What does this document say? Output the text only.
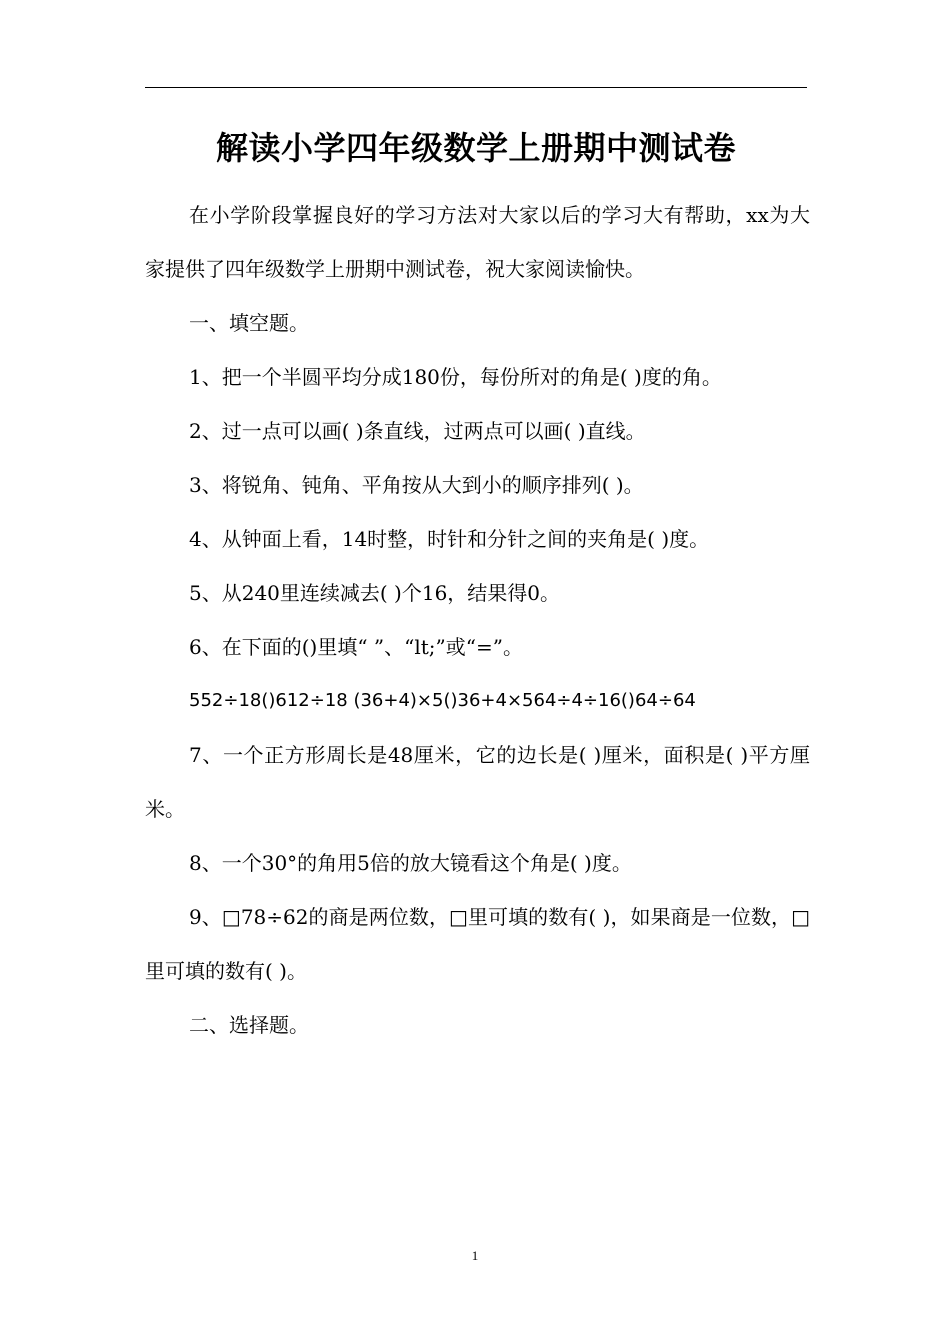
解读小学四年级数学上册期中测试卷

在小学阶段掌握良好的学习方法对大家以后的学习大有帮助，xx为大家提供了四年级数学上册期中测试卷，祝大家阅读愉快。

一、填空题。

1、把一个半圆平均分成180份，每份所对的角是( )度的角。

2、过一点可以画( )条直线，过两点可以画( )直线。

3、将锐角、钝角、平角按从大到小的顺序排列( )。

4、从钟面上看，14时整，时针和分针之间的夹角是( )度。

5、从240里连续减去( )个16，结果得0。

6、在下面的()里填“ ”、“lt;”或“=”。

552÷18()612÷18 (36+4)×5()36+4×564÷4÷16()64÷64

7、一个正方形周长是48厘米，它的边长是( )厘米，面积是( )平方厘米。

8、一个30°的角用5倍的放大镜看这个角是( )度。

9、□78÷62的商是两位数，□里可填的数有( )，如果商是一位数，□里可填的数有( )。

二、选择题。

1
